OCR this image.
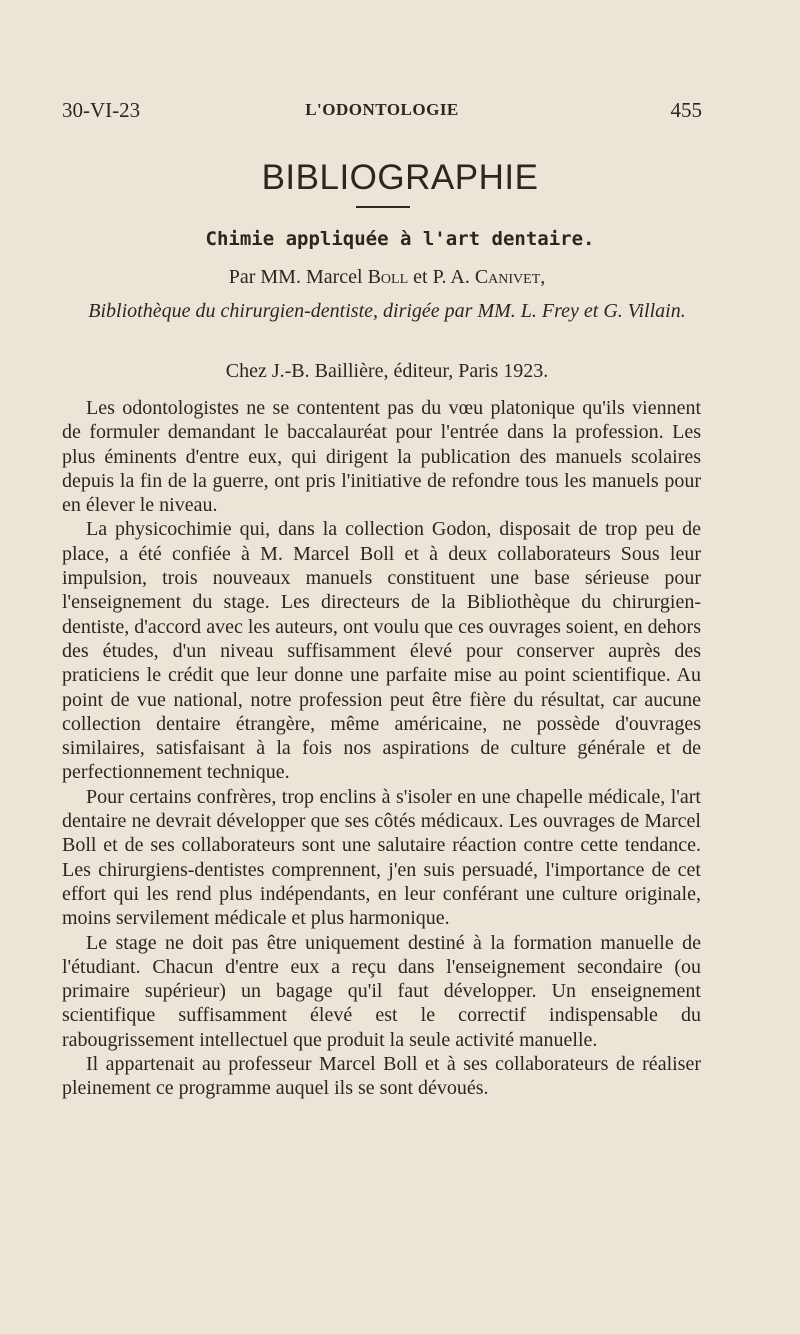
30-VI-23	L'ODONTOLOGIE	455
BIBLIOGRAPHIE
Chimie appliquée à l'art dentaire.
Par MM. Marcel Boll et P. A. Canivet,
Bibliothèque du chirurgien-dentiste, dirigée par MM. L. Frey et G. Villain.
Chez J.-B. Baillière, éditeur, Paris 1923.

Les odontologistes ne se contentent pas du vœu platonique qu'ils viennent de formuler demandant le baccalauréat pour l'entrée dans la profession. Les plus éminents d'entre eux, qui dirigent la publication des manuels scolaires depuis la fin de la guerre, ont pris l'initiative de refondre tous les manuels pour en élever le niveau.

La physicochimie qui, dans la collection Godon, disposait de trop peu de place, a été confiée à M. Marcel Boll et à deux collaborateurs Sous leur impulsion, trois nouveaux manuels constituent une base sérieuse pour l'enseignement du stage. Les directeurs de la Bibliothèque du chirurgien-dentiste, d'accord avec les auteurs, ont voulu que ces ouvrages soient, en dehors des études, d'un niveau suffisamment élevé pour conserver auprès des praticiens le crédit que leur donne une parfaite mise au point scientifique. Au point de vue national, notre profession peut être fière du résultat, car aucune collection dentaire étrangère, même américaine, ne possède d'ouvrages similaires, satisfaisant à la fois nos aspirations de culture générale et de perfectionnement technique.

Pour certains confrères, trop enclins à s'isoler en une chapelle médicale, l'art dentaire ne devrait développer que ses côtés médicaux. Les ouvrages de Marcel Boll et de ses collaborateurs sont une salutaire réaction contre cette tendance. Les chirurgiens-dentistes comprennent, j'en suis persuadé, l'importance de cet effort qui les rend plus indépendants, en leur conférant une culture originale, moins servilement médicale et plus harmonique.

Le stage ne doit pas être uniquement destiné à la formation manuelle de l'étudiant. Chacun d'entre eux a reçu dans l'enseignement secondaire (ou primaire supérieur) un bagage qu'il faut développer. Un enseignement scientifique suffisamment élevé est le correctif indispensable du rabougrissement intellectuel que produit la seule activité manuelle.

Il appartenait au professeur Marcel Boll et à ses collaborateurs de réaliser pleinement ce programme auquel ils se sont dévoués.
